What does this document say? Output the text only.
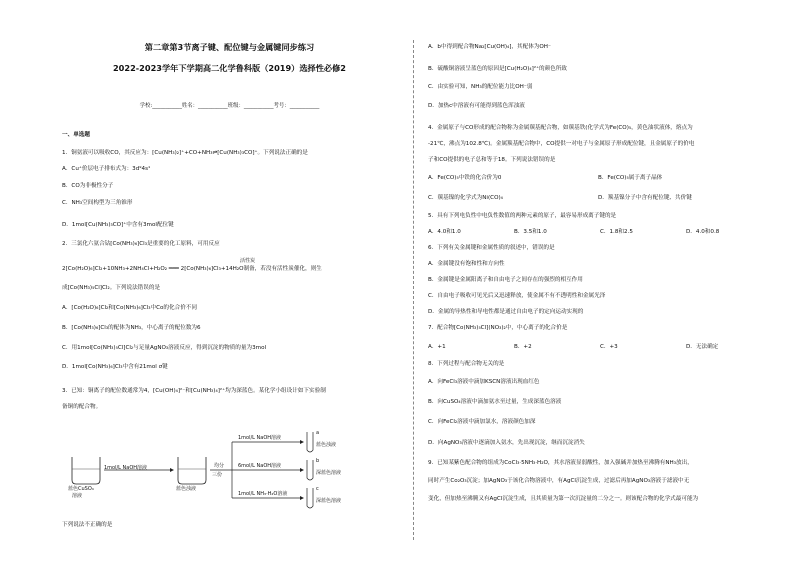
第二章第3节离子键、配位键与金属键同步练习
2022-2023学年下学期高二化学鲁科版（2019）选择性必修2
学校:___________姓名：___________班级：___________考号：___________
一、单选题
1．铜氨液可以吸收CO，其反应为：[Cu(NH₃)₂]⁺+CO+NH₃⇌[Cu(NH₃)₃CO]⁺。下列说法正确的是
A．Cu⁺价层电子排布式为：3d⁹4s¹
B．CO为非极性分子
C．NH₃空间构型为三角锥形
D．1mol[Cu(NH₃)₃CO]⁺中含有3mol配位键
2．三氯化六氨合钴[Co(NH₃)₆]Cl₃是重要的化工原料，可用反应
活性炭
2[Co(H₂O)₆]Cl₂+10NH₃+2NH₄Cl+H₂O₂ ═══ 2[Co(NH₃)₆]Cl₃+14H₂O制备，若没有活性炭催化，则生
成[Co(NH₃)₅Cl]Cl₂。下列说法错误的是
A．[Co(H₂O)₆]Cl₂和[Co(NH₃)₆]Cl₃中Co的化合价不同
B．[Co(NH₃)₆]Cl₃的配体为NH₃，中心离子的配位数为6
C．用1mol[Co(NH₃)₅Cl]Cl₂与足量AgNO₃溶液反应，得到沉淀的物质的量为3mol
D．1mol[Co(NH₃)₆]Cl₃中含有21mol σ键
3．已知：铜离子的配位数通常为4，[Cu(OH)₄]²⁻和[Cu(NH₃)₄]²⁺均为深蓝色。某化学小组设计如下实验制
备铜的配合物。
1mol/L NaOH溶液
蓝色CuSO₄
溶液
蓝色浊液
均分
三份
1mol/L NaOH溶液
6mol/L NaOH溶液
1mol/L NH₃·H₂O溶液
a
b
c
蓝色浊液
深蓝色溶液
深蓝色溶液
下列说法不正确的是
A．b中得到配合物Na₂[Cu(OH)₄]，其配体为OH⁻
B．硫酸铜溶液呈蓝色的原因是[Cu(H₂O)₄]²⁺的颜色所致
C．由实验可知，NH₃的配位能力比OH⁻弱
D．加热c中溶液有可能得到蓝色浑浊液
4．金属原子与CO形成的配合物称为金属羰基配合物，如羰基铁(化学式为Fe(CO)₅，黄色油状液体，熔点为
-21℃，沸点为102.8℃)。金属羰基配合物中，CO提供一对电子与金属原子形成配位键，且金属原子的价电
子和CO提供的电子总和等于18。下列说法错误的是
A．Fe(CO)₅中铁的化合价为0	B．Fe(CO)₅属于离子晶体
C．羰基镍的化学式为Ni(CO)₄	D．羰基镍分子中含有配位键、共价键
5．具有下列电负性中电负性数值的两种元素的原子，最容易形成离子键的是
A．4.0和1.0	B．3.5和1.0	C．1.8和2.5	D．4.0和0.8
6．下列有关金属键和金属性质的叙述中，错误的是
A．金属键没有饱和性和方向性
B．金属键是金属阳离子和自由电子之间存在的强烈的相互作用
C．自由电子吸收可见光后又迅速释放，使金属不有不透明性和金属光泽
D．金属的导热性和导电性都是通过自由电子的定向运动实现的
7．配合物[Co(NH₃)₅Cl](NO₃)₂中，中心离子的化合价是
A．+1	B．+2	C．+3	D．无法确定
8．下列过程与配合物无关的是
A．向FeCl₃溶液中滴加KSCN溶液出现血红色
B．向CuSO₄溶液中滴加氨水至过量，生成深蓝色溶液
C．向FeCl₂溶液中滴加氯水，溶液颜色加深
D．向AgNO₃溶液中逐滴加入氨水，先出现沉淀，继而沉淀消失
9．已知某紫色配合物的组成为CoCl₃·5NH₃·H₂O，其水溶液显弱酸性，加入强碱并加热至沸腾有NH₃放出，
同时产生Co₂O₃沉淀；加AgNO₃于该化合物溶液中，有AgCl沉淀生成，过滤后再加AgNO₃溶液于滤液中无
变化，但加热至沸腾又有AgCl沉淀生成，且其质量为第一次沉淀量的二分之一。则该配合物的化学式最可能为
